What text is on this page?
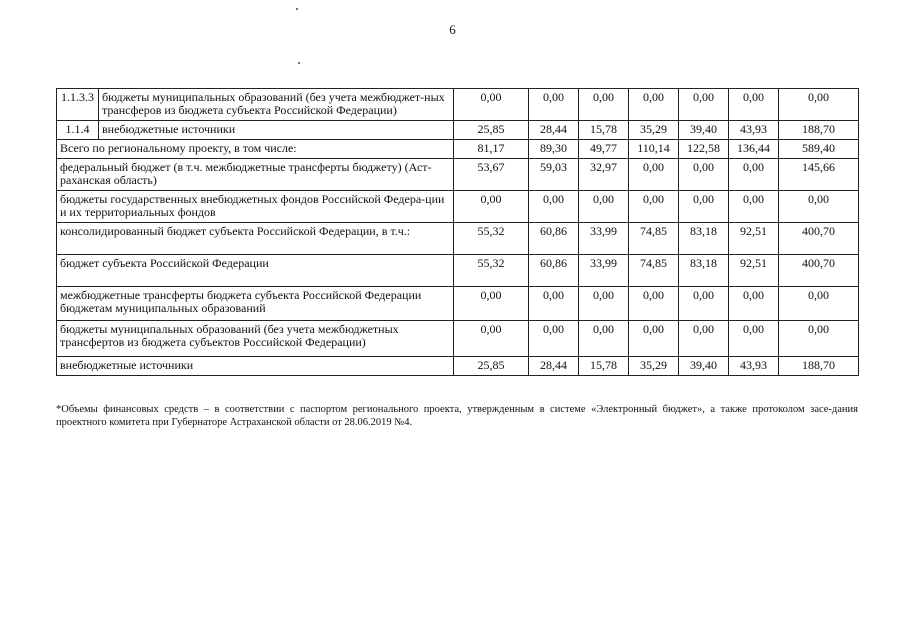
6
1.1.3.3	бюджеты муниципальных образований (без учета межбюджет-ных трансферов из бюджета субъекта Российской Федерации)	0,00	0,00	0,00	0,00	0,00	0,00	0,00
1.1.4	внебюджетные источники	25,85	28,44	15,78	35,29	39,40	43,93	188,70
Всего по региональному проекту, в том числе:		81,17	89,30	49,77	110,14	122,58	136,44	589,40
федеральный бюджет (в т.ч. межбюджетные трансферты бюджету) (Аст-раханская область)		53,67	59,03	32,97	0,00	0,00	0,00	145,66
бюджеты государственных внебюджетных фондов Российской Федера-ции и их территориальных фондов		0,00	0,00	0,00	0,00	0,00	0,00	0,00
консолидированный бюджет субъекта Российской Федерации, в т.ч.:		55,32	60,86	33,99	74,85	83,18	92,51	400,70
бюджет субъекта Российской Федерации		55,32	60,86	33,99	74,85	83,18	92,51	400,70
межбюджетные трансферты бюджета субъекта Российской Федерации бюджетам муниципальных образований		0,00	0,00	0,00	0,00	0,00	0,00	0,00
бюджеты муниципальных образований (без учета межбюджетных трансфертов из бюджета субъектов Российской Федерации)		0,00	0,00	0,00	0,00	0,00	0,00	0,00
внебюджетные источники		25,85	28,44	15,78	35,29	39,40	43,93	188,70
*Объемы финансовых средств – в соответствии с паспортом регионального проекта, утвержденным в системе «Электронный бюджет», а также протоколом засе-дания проектного комитета при Губернаторе Астраханской области от 28.06.2019 №4.
